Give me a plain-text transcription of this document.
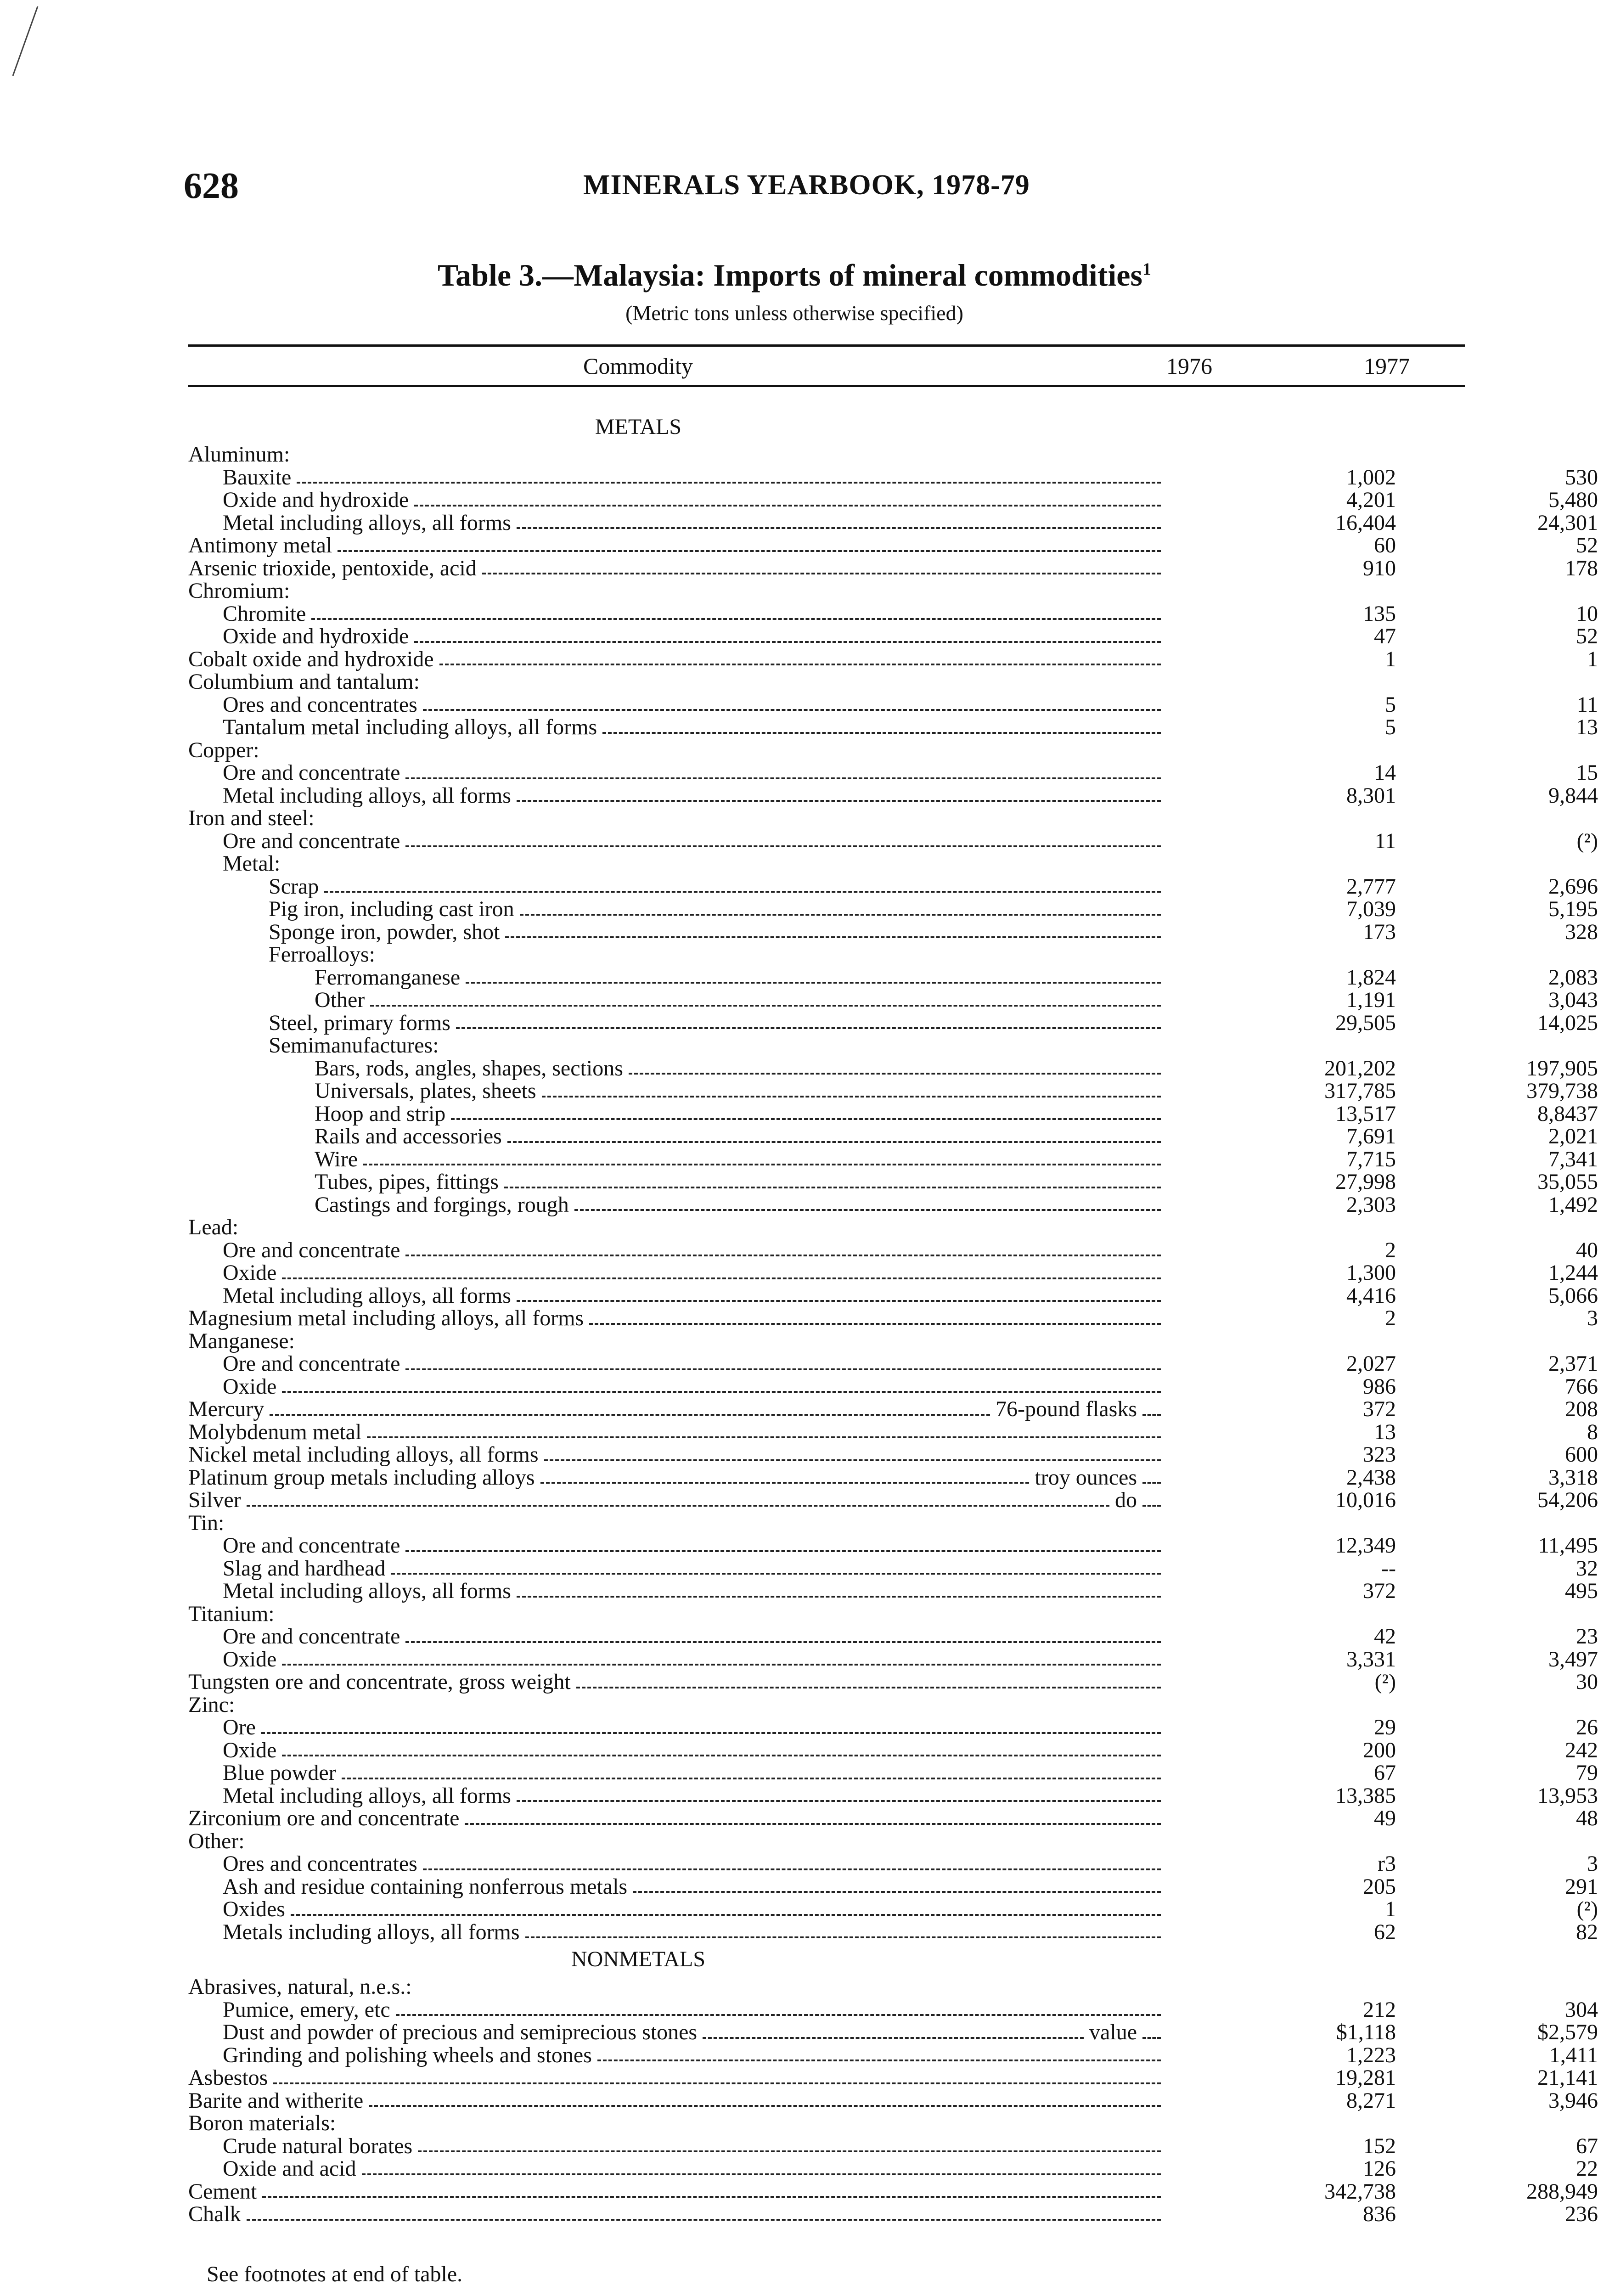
628	MINERALS YEARBOOK, 1978-79
Table 3.—Malaysia: Imports of mineral commodities$^1$
(Metric tons unless otherwise specified)
Commodity	1976	1977
METALS
Aluminum:
Bauxite	1,002	530
Oxide and hydroxide	4,201	5,480
Metal including alloys, all forms	16,404	24,301
Antimony metal	60	52
Arsenic trioxide, pentoxide, acid	910	178
Chromium:
Chromite	135	10
Oxide and hydroxide	47	52
Cobalt oxide and hydroxide	1	1
Columbium and tantalum:
Ores and concentrates	5	11
Tantalum metal including alloys, all forms	5	13
Copper:
Ore and concentrate	14	15
Metal including alloys, all forms	8,301	9,844
Iron and steel:
Ore and concentrate	11	(²)
Metal:
Scrap	2,777	2,696
Pig iron, including cast iron	7,039	5,195
Sponge iron, powder, shot	173	328
Ferroalloys:
Ferromanganese	1,824	2,083
Other	1,191	3,043
Steel, primary forms	29,505	14,025
Semimanufactures:
Bars, rods, angles, shapes, sections	201,202	197,905
Universals, plates, sheets	317,785	379,738
Hoop and strip	13,517	8,8437
Rails and accessories	7,691	2,021
Wire	7,715	7,341
Tubes, pipes, fittings	27,998	35,055
Castings and forgings, rough	2,303	1,492
Lead:
Ore and concentrate	2	40
Oxide	1,300	1,244
Metal including alloys, all forms	4,416	5,066
Magnesium metal including alloys, all forms	2	3
Manganese:
Ore and concentrate	2,027	2,371
Oxide	986	766
Mercury	76-pound flasks	372	208
Molybdenum metal	13	8
Nickel metal including alloys, all forms	323	600
Platinum group metals including alloys	troy ounces	2,438	3,318
Silver	do	10,016	54,206
Tin:
Ore and concentrate	12,349	11,495
Slag and hardhead	--	32
Metal including alloys, all forms	372	495
Titanium:
Ore and concentrate	42	23
Oxide	3,331	3,497
Tungsten ore and concentrate, gross weight	(²)	30
Zinc:
Ore	29	26
Oxide	200	242
Blue powder	67	79
Metal including alloys, all forms	13,385	13,953
Zirconium ore and concentrate	49	48
Other:
Ores and concentrates	r3	3
Ash and residue containing nonferrous metals	205	291
Oxides	1	(²)
Metals including alloys, all forms	62	82
NONMETALS
Abrasives, natural, n.e.s.:
Pumice, emery, etc	212	304
Dust and powder of precious and semiprecious stones	value	$1,118	$2,579
Grinding and polishing wheels and stones	1,223	1,411
Asbestos	19,281	21,141
Barite and witherite	8,271	3,946
Boron materials:
Crude natural borates	152	67
Oxide and acid	126	22
Cement	342,738	288,949
Chalk	836	236
See footnotes at end of table.
